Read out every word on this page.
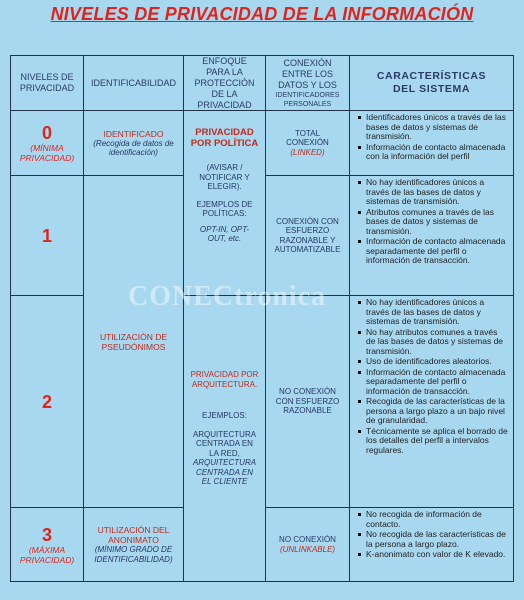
NIVELES DE PRIVACIDAD DE LA INFORMACIÓN
NIVELES DE PRIVACIDAD
IDENTIFICABILIDAD
ENFOQUE PARA LA PROTECCIÓN DE LA PRIVACIDAD
CONEXIÓN ENTRE LOS DATOS Y LOS
IDENTIFICADORES PERSONALES
CARACTERÍSTICAS DEL SISTEMA
0
(MÍNIMA PRIVACIDAD)
1
2
3
(MÁXIMA PRIVACIDAD)
IDENTIFICADO
(Recogida de datos de identificación)
UTILIZACIÓN DE PSEUDÓNIMOS
UTILIZACIÓN DEL ANONIMATO
(MÍNIMO GRADO DE IDENTIFICABILIDAD)
PRIVACIDAD POR POLÍTICA
(AVISAR / NOTIFICAR Y ELEGIR).
EJEMPLOS DE POLÍTICAS:
OPT-IN, OPT-OUT, etc.
PRIVACIDAD POR ARQUITECTURA.
EJEMPLOS:
ARQUITECTURA CENTRADA EN LA RED,
ARQUITECTURA CENTRADA EN EL CLIENTE
TOTAL CONEXIÓN
(LINKED)
CONEXIÓN CON ESFUERZO RAZONABLE Y AUTOMATIZABLE
NO CONEXIÓN CON ESFUERZO RAZONABLE
NO CONEXIÓN
(UNLINKABLE)
Identificadores únicos a través de las bases de datos y sistemas de transmisión.
Información de contacto almacenada con la información del perfil
No hay identificadores únicos a través de las bases de datos y sistemas de transmisión.
Atributos comunes a través de las bases de datos y sistemas de transmisión.
Información de contacto almacenada separadamente del perfil o información de transacción.
No hay identificadores únicos a través de las bases de datos y sistemas de transmisión.
No hay atributos comunes a través de las bases de datos y sistemas de transmisión.
Uso de identificadores aleatorios.
Información de contacto almacenada separadamente del perfil o información de transacción.
Recogida de las características de la persona a largo plazo a un bajo nivel de granularidad.
Técnicamente se aplica el borrado de los detalles del perfil a intervalos regulares.
No recogida de información de contacto.
No recogida de las características de la persona a largo plazo.
K-anonimato con valor de K elevado.
CONECtronica
